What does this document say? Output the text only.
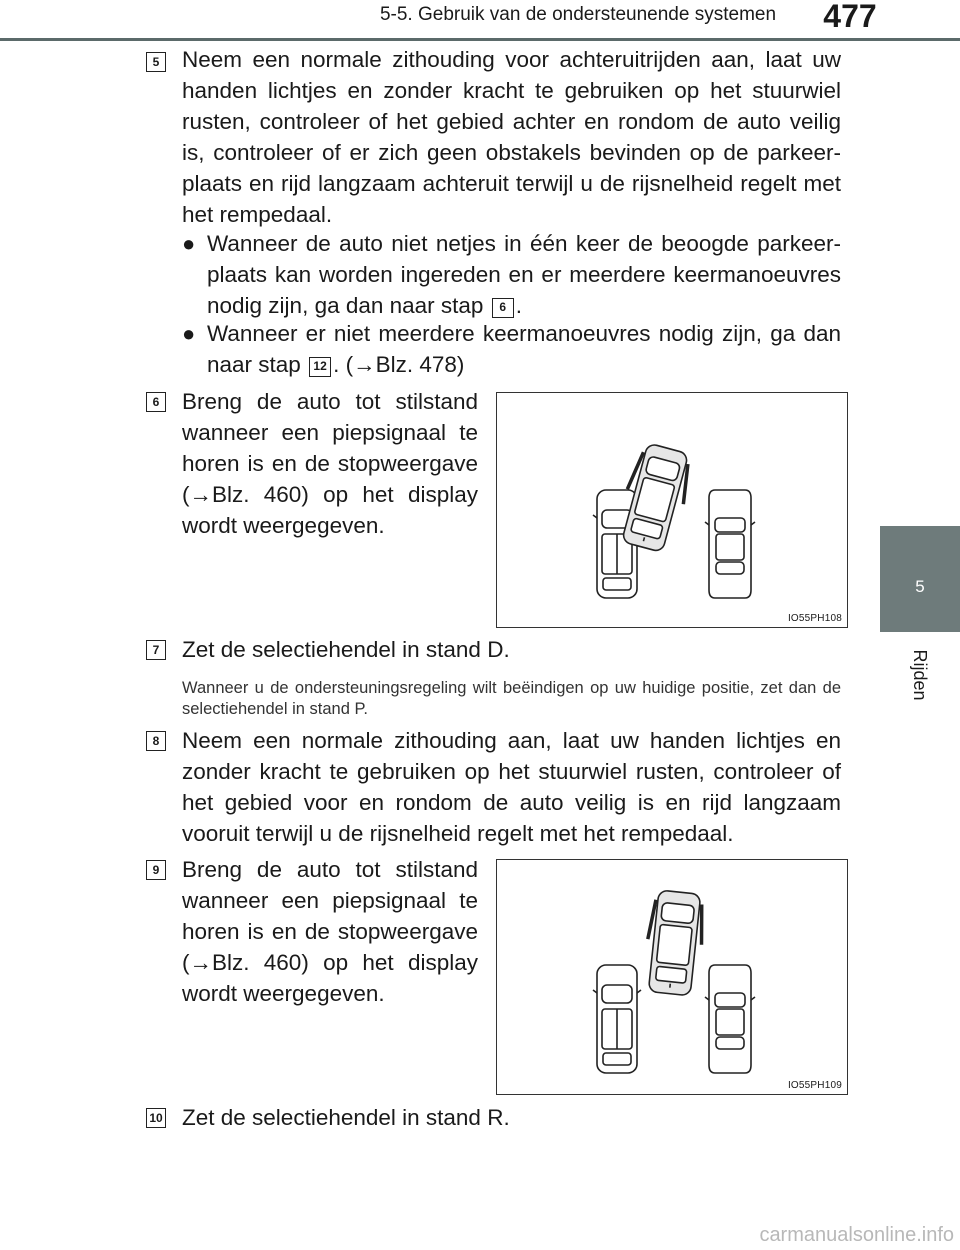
5-5. Gebruik van de ondersteunende systemen	477
5
Rijden
5 Neem een normale zithouding voor achteruitrijden aan, laat uw handen lichtjes en zonder kracht te gebruiken op het stuurwiel rusten, controleer of het gebied achter en rondom de auto veilig is, controleer of er zich geen obstakels bevinden op de parkeerplaats en rijd langzaam achteruit terwijl u de rijsnelheid regelt met het rempedaal.

● Wanneer de auto niet netjes in één keer de beoogde parkeerplaats kan worden ingereden en er meerdere keermanoeuvres nodig zijn, ga dan naar stap 6 .
● Wanneer er niet meerdere keermanoeuvres nodig zijn, ga dan naar stap 12 . (→Blz. 478)
6 Breng de auto tot stilstand wanneer een piepsignaal te horen is en de stopweergave (→Blz. 460) op het display wordt weergegeven.

IO55PH108
7 Zet de selectiehendel in stand D.

Wanneer u de ondersteuningsregeling wilt beëindigen op uw huidige positie, zet dan de selectiehendel in stand P.

8 Neem een normale zithouding aan, laat uw handen lichtjes en zonder kracht te gebruiken op het stuurwiel rusten, controleer of het gebied voor en rondom de auto veilig is en rijd langzaam vooruit terwijl u de rijsnelheid regelt met het rempedaal.

9 Breng de auto tot stilstand wanneer een piepsignaal te horen is en de stopweergave (→Blz. 460) op het display wordt weergegeven.

IO55PH109
10 Zet de selectiehendel in stand R.

carmanualsonline.info
